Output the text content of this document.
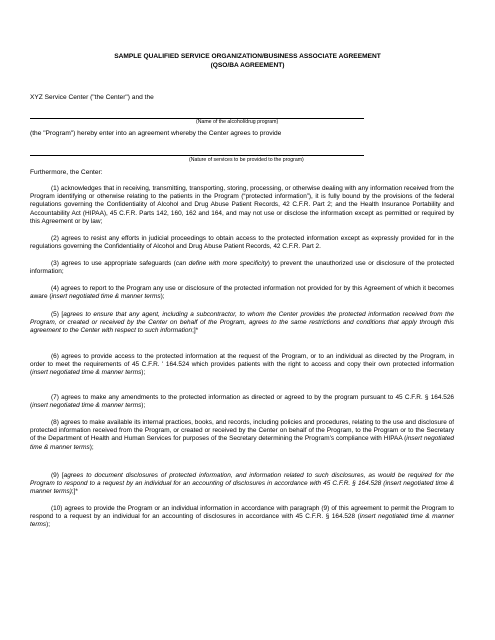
SAMPLE QUALIFIED SERVICE ORGANIZATION/BUSINESS ASSOCIATE AGREEMENT
(QSO/BA AGREEMENT)
XYZ Service Center ("the Center") and the
(Name of the alcohol/drug program)
(the "Program") hereby enter into an agreement whereby the Center agrees to provide
(Nature of services to be provided to the program)
Furthermore, the Center:

(1) acknowledges that in receiving, transmitting, transporting, storing, processing, or otherwise dealing with any information received from the Program identifying or otherwise relating to the patients in the Program (“protected information”), it is fully bound by the provisions of the federal regulations governing the Confidentiality of Alcohol and Drug Abuse Patient Records, 42 C.F.R. Part 2; and the Health Insurance Portability and Accountability Act (HIPAA), 45 C.F.R. Parts 142, 160, 162 and 164, and may not use or disclose the information except as permitted or required by this Agreement or by law;

(2) agrees to resist any efforts in judicial proceedings to obtain access to the protected information except as expressly provided for in the regulations governing the Confidentiality of Alcohol and Drug Abuse Patient Records, 42 C.F.R. Part 2.

(3) agrees to use appropriate safeguards (can define with more specificity) to prevent the unauthorized use or disclosure of the protected information;

(4) agrees to report to the Program any use or disclosure of the protected information not provided for by this Agreement of which it becomes aware (insert negotiated time & manner terms);

(5) [agrees to ensure that any agent, including a subcontractor, to whom the Center provides the protected information received from the Program, or created or received by the Center on behalf of the Program, agrees to the same restrictions and conditions that apply through this agreement to the Center with respect to such information;]*

(6) agrees to provide access to the protected information at the request of the Program, or to an individual as directed by the Program, in order to meet the requirements of 45 C.F.R. ' 164.524 which provides patients with the right to access and copy their own protected information (insert negotiated time & manner terms);

(7) agrees to make any amendments to the protected information as directed or agreed to by the program pursuant to 45 C.F.R. § 164.526 (insert negotiated time & manner terms);

(8) agrees to make available its internal practices, books, and records, including policies and procedures, relating to the use and disclosure of protected information received from the Program, or created or received by the Center on behalf of the Program, to the Program or to the Secretary of the Department of Health and Human Services for purposes of the Secretary determining the Program’s compliance with HIPAA (insert negotiated time & manner terms);

(9) [agrees to document disclosures of protected information, and information related to such disclosures, as would be required for the Program to respond to a request by an individual for an accounting of disclosures in accordance with 45 C.F.R. § 164.528 (insert negotiated time & manner terms);]*

(10) agrees to provide the Program or an individual information in accordance with paragraph (9) of this agreement to permit the Program to respond to a request by an individual for an accounting of disclosures in accordance with 45 C.F.R. § 164.528 (insert negotiated time & manner terms);
